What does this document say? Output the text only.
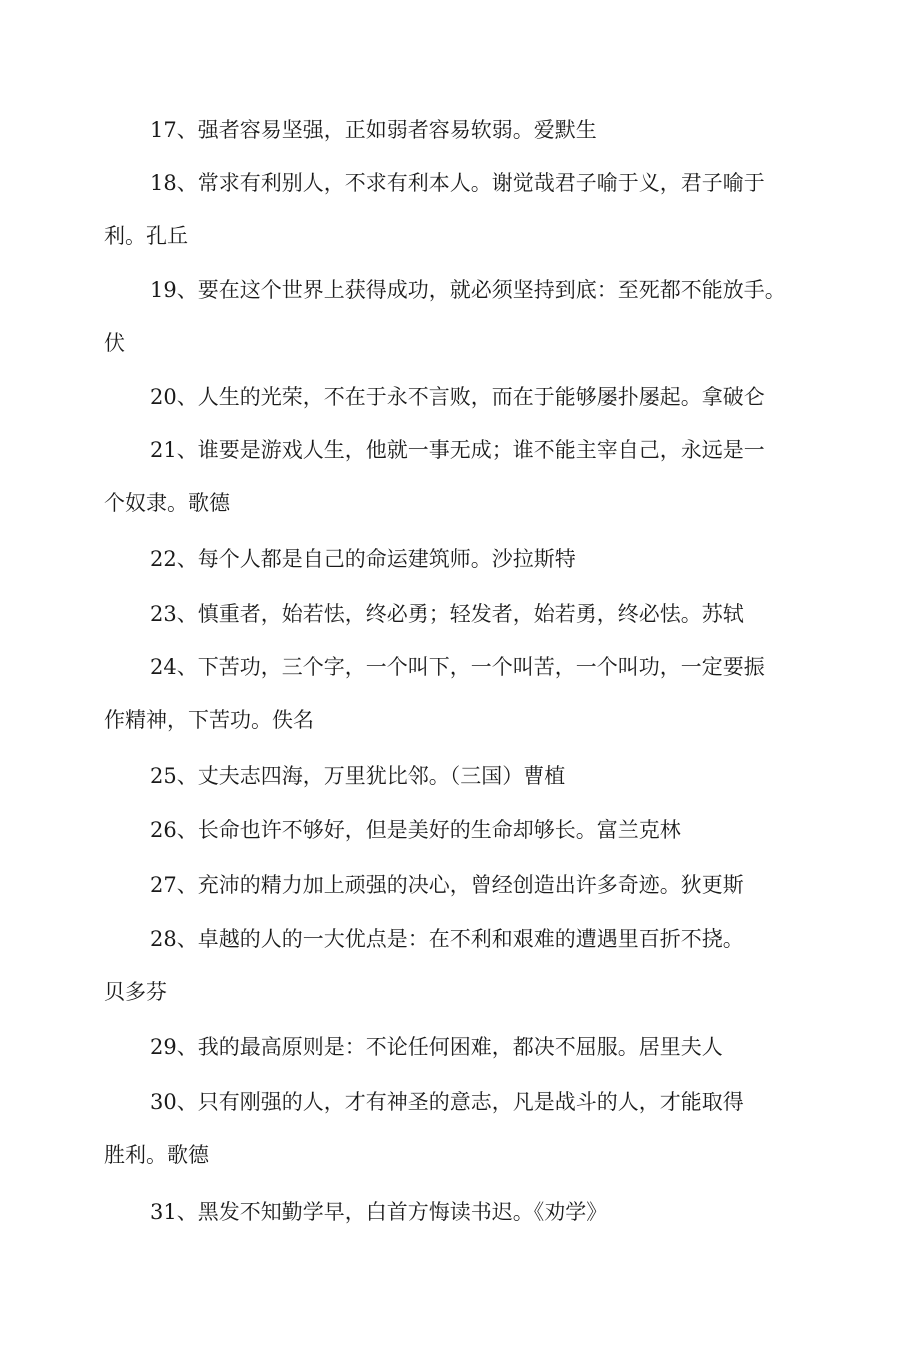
17、强者容易坚强，正如弱者容易软弱。爱默生
18、常求有利别人，不求有利本人。谢觉哉君子喻于义，君子喻于
利。孔丘
19、要在这个世界上获得成功，就必须坚持到底：至死都不能放手。
伏
20、人生的光荣，不在于永不言败，而在于能够屡扑屡起。拿破仑
21、谁要是游戏人生，他就一事无成；谁不能主宰自己，永远是一
个奴隶。歌德
22、每个人都是自己的命运建筑师。沙拉斯特
23、慎重者，始若怯，终必勇；轻发者，始若勇，终必怯。苏轼
24、下苦功，三个字，一个叫下，一个叫苦，一个叫功，一定要振
作精神，下苦功。佚名
25、丈夫志四海，万里犹比邻。（三国）曹植
26、长命也许不够好，但是美好的生命却够长。富兰克林
27、充沛的精力加上顽强的决心，曾经创造出许多奇迹。狄更斯
28、卓越的人的一大优点是：在不利和艰难的遭遇里百折不挠。
贝多芬
29、我的最高原则是：不论任何困难，都决不屈服。居里夫人
30、只有刚强的人，才有神圣的意志，凡是战斗的人，才能取得
胜利。歌德
31、黑发不知勤学早，白首方悔读书迟。《劝学》
